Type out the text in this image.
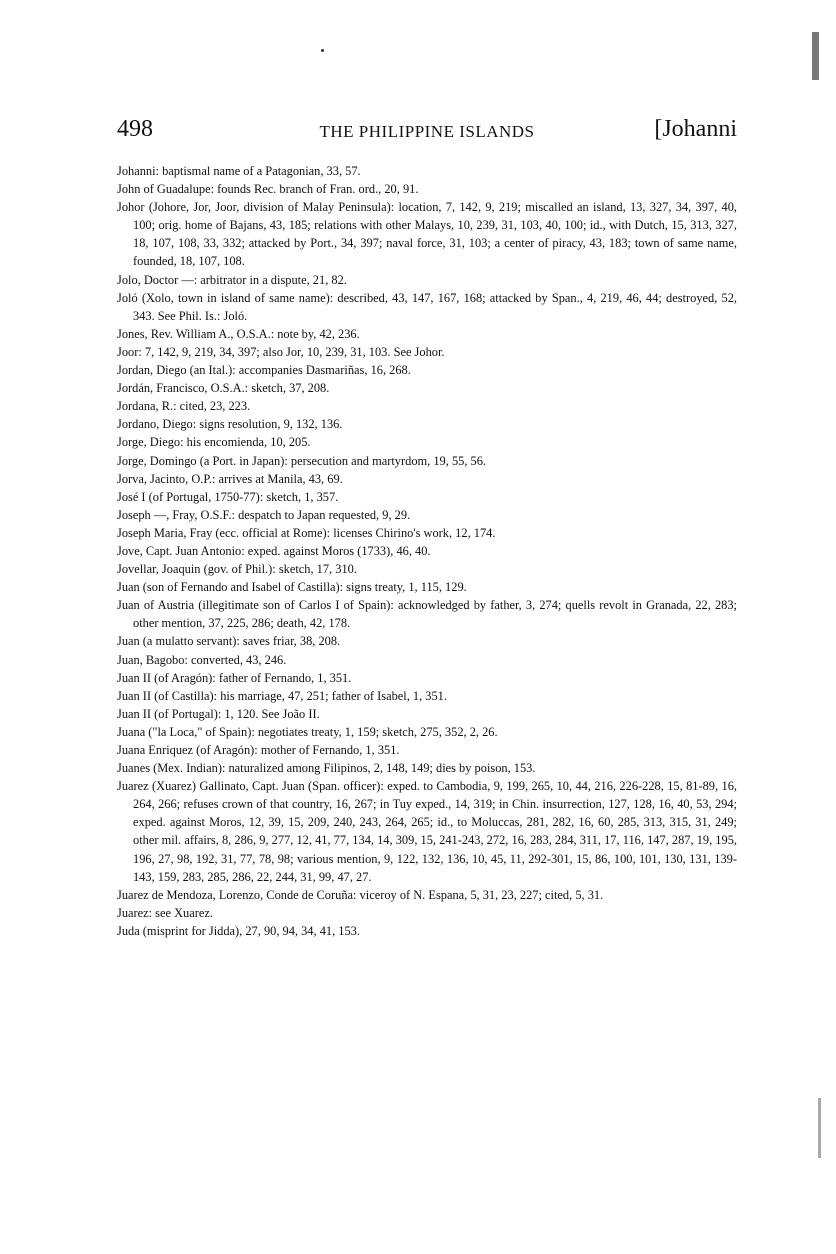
498	THE PHILIPPINE ISLANDS	[Johanni
Johanni: baptismal name of a Patagonian, 33, 57.
John of Guadalupe: founds Rec. branch of Fran. ord., 20, 91.
Johor (Johore, Jor, Joor, division of Malay Peninsula): location, 7, 142, 9, 219; miscalled an island, 13, 327, 34, 397, 40, 100; orig. home of Bajans, 43, 185; relations with other Malays, 10, 239, 31, 103, 40, 100; id., with Dutch, 15, 313, 327, 18, 107, 108, 33, 332; attacked by Port., 34, 397; naval force, 31, 103; a center of piracy, 43, 183; town of same name, founded, 18, 107, 108.
Jolo, Doctor —: arbitrator in a dispute, 21, 82.
Joló (Xolo, town in island of same name): described, 43, 147, 167, 168; attacked by Span., 4, 219, 46, 44; destroyed, 52, 343. See Phil. Is.: Joló.
Jones, Rev. William A., O.S.A.: note by, 42, 236.
Joor: 7, 142, 9, 219, 34, 397; also Jor, 10, 239, 31, 103. See Johor.
Jordan, Diego (an Ital.): accompanies Dasmariñas, 16, 268.
Jordán, Francisco, O.S.A.: sketch, 37, 208.
Jordana, R.: cited, 23, 223.
Jordano, Diego: signs resolution, 9, 132, 136.
Jorge, Diego: his encomienda, 10, 205.
Jorge, Domingo (a Port. in Japan): persecution and martyrdom, 19, 55, 56.
Jorva, Jacinto, O.P.: arrives at Manila, 43, 69.
José I (of Portugal, 1750-77): sketch, 1, 357.
Joseph —, Fray, O.S.F.: despatch to Japan requested, 9, 29.
Joseph Maria, Fray (ecc. official at Rome): licenses Chirino's work, 12, 174.
Jove, Capt. Juan Antonio: exped. against Moros (1733), 46, 40.
Jovellar, Joaquin (gov. of Phil.): sketch, 17, 310.
Juan (son of Fernando and Isabel of Castilla): signs treaty, 1, 115, 129.
Juan of Austria (illegitimate son of Carlos I of Spain): acknowledged by father, 3, 274; quells revolt in Granada, 22, 283; other mention, 37, 225, 286; death, 42, 178.
Juan (a mulatto servant): saves friar, 38, 208.
Juan, Bagobo: converted, 43, 246.
Juan II (of Aragón): father of Fernando, 1, 351.
Juan II (of Castilla): his marriage, 47, 251; father of Isabel, 1, 351.
Juan II (of Portugal): 1, 120. See João II.
Juana ("la Loca," of Spain): negotiates treaty, 1, 159; sketch, 275, 352, 2, 26.
Juana Enriquez (of Aragón): mother of Fernando, 1, 351.
Juanes (Mex. Indian): naturalized among Filipinos, 2, 148, 149; dies by poison, 153.
Juarez (Xuarez) Gallinato, Capt. Juan (Span. officer): exped. to Cambodia, 9, 199, 265, 10, 44, 216, 226-228, 15, 81-89, 16, 264, 266; refuses crown of that country, 16, 267; in Tuy exped., 14, 319; in Chin. insurrection, 127, 128, 16, 40, 53, 294; exped. against Moros, 12, 39, 15, 209, 240, 243, 264, 265; id., to Moluccas, 281, 282, 16, 60, 285, 313, 315, 31, 249; other mil. affairs, 8, 286, 9, 277, 12, 41, 77, 134, 14, 309, 15, 241-243, 272, 16, 283, 284, 311, 17, 116, 147, 287, 19, 195, 196, 27, 98, 192, 31, 77, 78, 98; various mention, 9, 122, 132, 136, 10, 45, 11, 292-301, 15, 86, 100, 101, 130, 131, 139-143, 159, 283, 285, 286, 22, 244, 31, 99, 47, 27.
Juarez de Mendoza, Lorenzo, Conde de Coruña: viceroy of N. Espana, 5, 31, 23, 227; cited, 5, 31.
Juarez: see Xuarez.
Juda (misprint for Jidda), 27, 90, 94, 34, 41, 153.
